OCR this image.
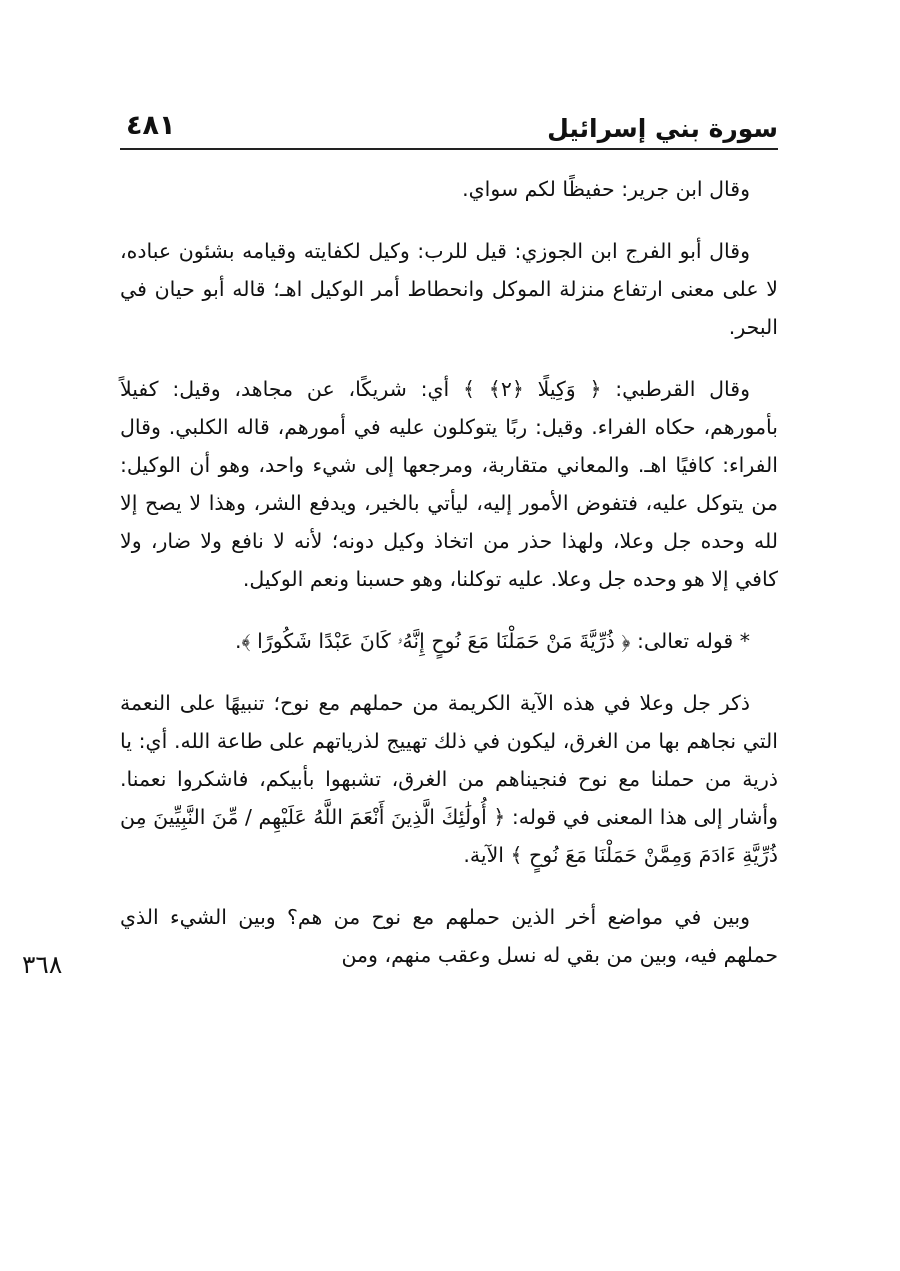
سورة بني إسرائيل
٤٨١
٣٦٨

وقال ابن جرير: حفيظًا لكم سواي.

وقال أبو الفرج ابن الجوزي: قيل للرب: وكيل لكفايته وقيامه بشئون عباده، لا على معنى ارتفاع منزلة الموكل وانحطاط أمر الوكيل اهـ؛ قاله أبو حيان في البحر.

وقال القرطبي: ﴿ وَكِيلًا ﴿٢﴾ ﴾ أي: شريكًا، عن مجاهد، وقيل: كفيلاً بأمورهم، حكاه الفراء. وقيل: ربًا يتوكلون عليه في أمورهم، قاله الكلبي. وقال الفراء: كافيًا اهـ. والمعاني متقاربة، ومرجعها إلى شيء واحد، وهو أن الوكيل: من يتوكل عليه، فتفوض الأمور إليه، ليأتي بالخير، ويدفع الشر، وهذا لا يصح إلا لله وحده جل وعلا، ولهذا حذر من اتخاذ وكيل دونه؛ لأنه لا نافع ولا ضار، ولا كافي إلا هو وحده جل وعلا. عليه توكلنا، وهو حسبنا ونعم الوكيل.

* قوله تعالى: ﴿ ذُرِّيَّةَ مَنْ حَمَلْنَا مَعَ نُوحٍ إِنَّهُۥ كَانَ عَبْدًا شَكُورًا ﴾.

ذكر جل وعلا في هذه الآية الكريمة من حملهم مع نوح؛ تنبيهًا على النعمة التي نجاهم بها من الغرق، ليكون في ذلك تهييج لذرياتهم على طاعة الله. أي: يا ذرية من حملنا مع نوح فنجيناهم من الغرق، تشبهوا بأبيكم، فاشكروا نعمنا. وأشار إلى هذا المعنى في قوله: ﴿ أُولَٰئِكَ الَّذِينَ أَنْعَمَ اللَّهُ عَلَيْهِم / مِّنَ النَّبِيِّينَ مِن ذُرِّيَّةِ ءَادَمَ وَمِمَّنْ حَمَلْنَا مَعَ نُوحٍ ﴾ الآية.

وبين في مواضع أخر الذين حملهم مع نوح من هم؟ وبين الشيء الذي حملهم فيه، وبين من بقي له نسل وعقب منهم، ومن
